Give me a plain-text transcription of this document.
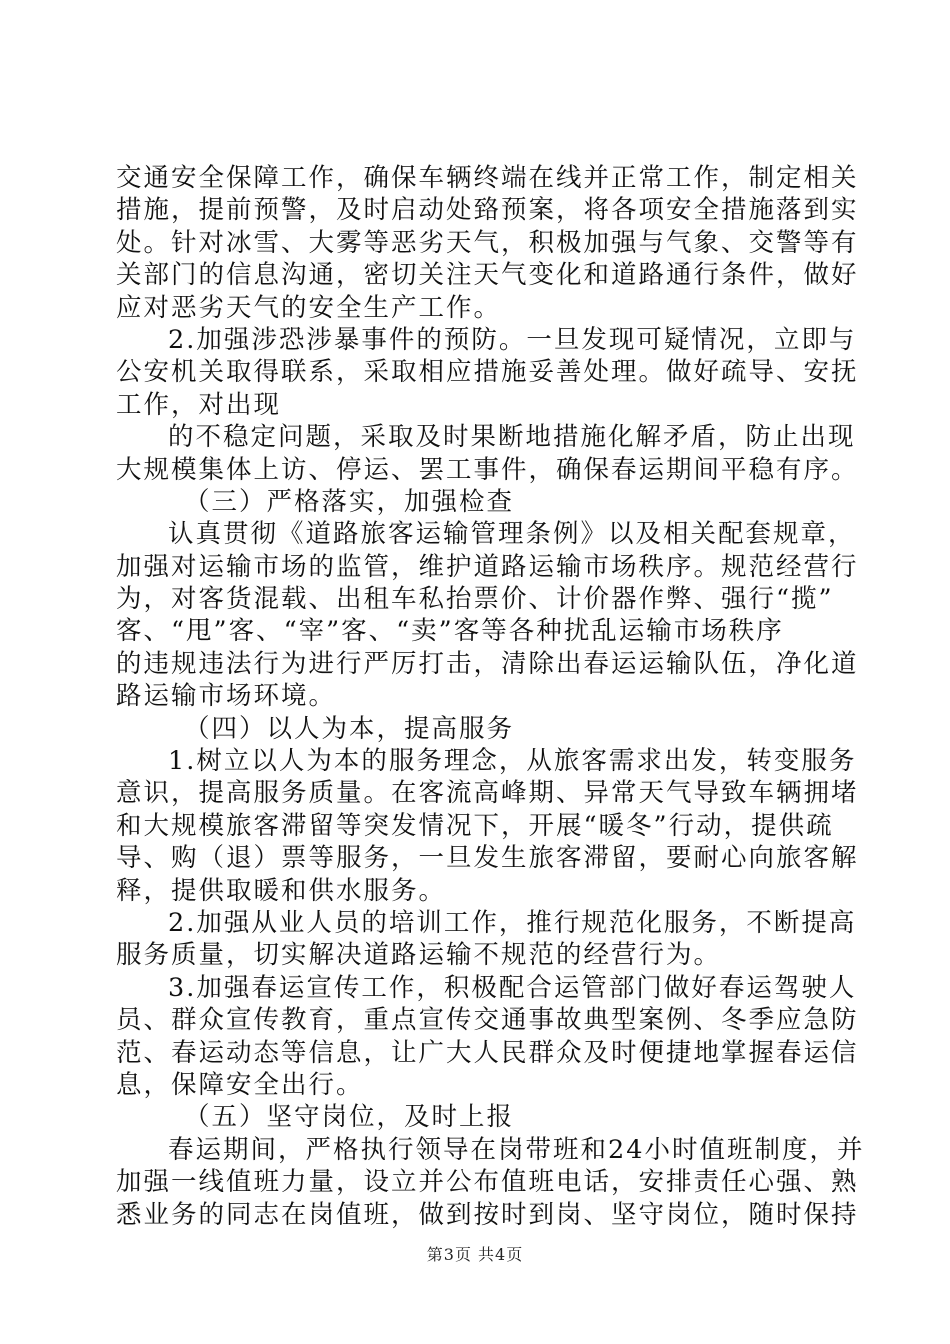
交通安全保障工作，确保车辆终端在线并正常工作，制定相关
措施，提前预警，及时启动处臵预案，将各项安全措施落到实
处。针对冰雪、大雾等恶劣天气，积极加强与气象、交警等有
关部门的信息沟通，密切关注天气变化和道路通行条件，做好
应对恶劣天气的安全生产工作。
2.加强涉恐涉暴事件的预防。一旦发现可疑情况，立即与
公安机关取得联系，采取相应措施妥善处理。做好疏导、安抚
工作，对出现
的不稳定问题，采取及时果断地措施化解矛盾，防止出现
大规模集体上访、停运、罢工事件，确保春运期间平稳有序。
（三）严格落实，加强检查
认真贯彻《道路旅客运输管理条例》以及相关配套规章，
加强对运输市场的监管，维护道路运输市场秩序。规范经营行
为，对客货混载、出租车私抬票价、计价器作弊、强行“揽”
客、“甩”客、“宰”客、“卖”客等各种扰乱运输市场秩序
的违规违法行为进行严厉打击，清除出春运运输队伍，净化道
路运输市场环境。
（四）以人为本，提高服务
1.树立以人为本的服务理念，从旅客需求出发，转变服务
意识，提高服务质量。在客流高峰期、异常天气导致车辆拥堵
和大规模旅客滞留等突发情况下，开展“暖冬”行动，提供疏
导、购（退）票等服务，一旦发生旅客滞留，要耐心向旅客解
释，提供取暖和供水服务。
2.加强从业人员的培训工作，推行规范化服务，不断提高
服务质量，切实解决道路运输不规范的经营行为。
3.加强春运宣传工作，积极配合运管部门做好春运驾驶人
员、群众宣传教育，重点宣传交通事故典型案例、冬季应急防
范、春运动态等信息，让广大人民群众及时便捷地掌握春运信
息，保障安全出行。
（五）坚守岗位，及时上报
春运期间，严格执行领导在岗带班和24小时值班制度，并
加强一线值班力量，设立并公布值班电话，安排责任心强、熟
悉业务的同志在岗值班，做到按时到岗、坚守岗位，随时保持
第3页 共4页
